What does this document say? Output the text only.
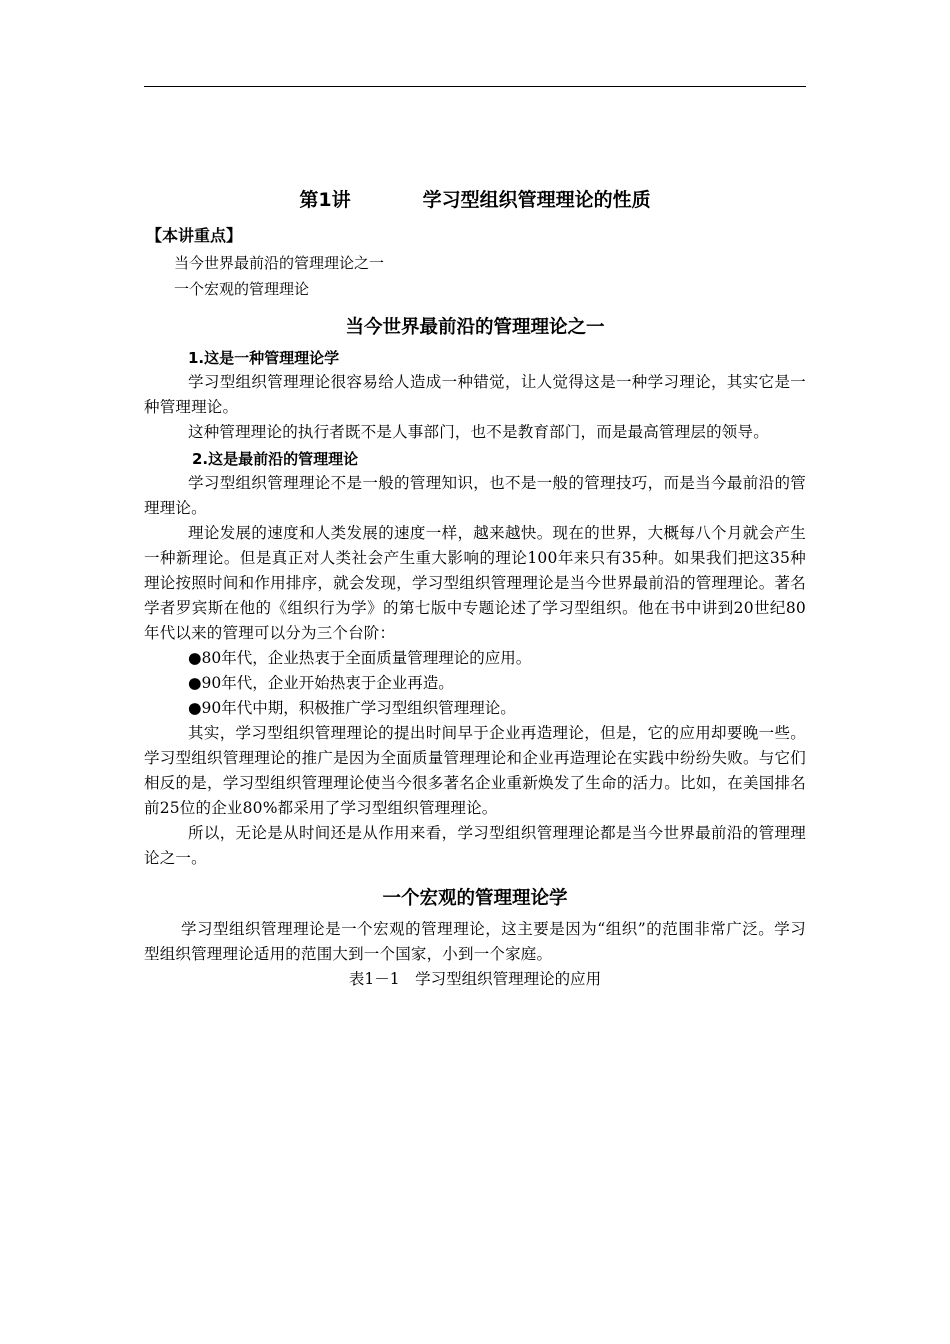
第1讲	学习型组织管理理论的性质
【本讲重点】
当今世界最前沿的管理理论之一
一个宏观的管理理论
当今世界最前沿的管理理论之一
1.这是一种管理理论学

学习型组织管理理论很容易给人造成一种错觉，让人觉得这是一种学习理论，其实它是一种管理理论。

这种管理理论的执行者既不是人事部门，也不是教育部门，而是最高管理层的领导。

2.这是最前沿的管理理论

学习型组织管理理论不是一般的管理知识，也不是一般的管理技巧，而是当今最前沿的管理理论。

理论发展的速度和人类发展的速度一样，越来越快。现在的世界，大概每八个月就会产生一种新理论。但是真正对人类社会产生重大影响的理论100年来只有35种。如果我们把这35种理论按照时间和作用排序，就会发现，学习型组织管理理论是当今世界最前沿的管理理论。著名学者罗宾斯在他的《组织行为学》的第七版中专题论述了学习型组织。他在书中讲到20世纪80年代以来的管理可以分为三个台阶：

●80年代，企业热衷于全面质量管理理论的应用。
●90年代，企业开始热衷于企业再造。
●90年代中期，积极推广学习型组织管理理论。

其实，学习型组织管理理论的提出时间早于企业再造理论，但是，它的应用却要晚一些。学习型组织管理理论的推广是因为全面质量管理理论和企业再造理论在实践中纷纷失败。与它们相反的是，学习型组织管理理论使当今很多著名企业重新焕发了生命的活力。比如，在美国排名前25位的企业80%都采用了学习型组织管理理论。

所以，无论是从时间还是从作用来看，学习型组织管理理论都是当今世界最前沿的管理理论之一。

一个宏观的管理理论学

学习型组织管理理论是一个宏观的管理理论，这主要是因为“组织”的范围非常广泛。学习型组织管理理论适用的范围大到一个国家，小到一个家庭。

表1－1　学习型组织管理理论的应用
